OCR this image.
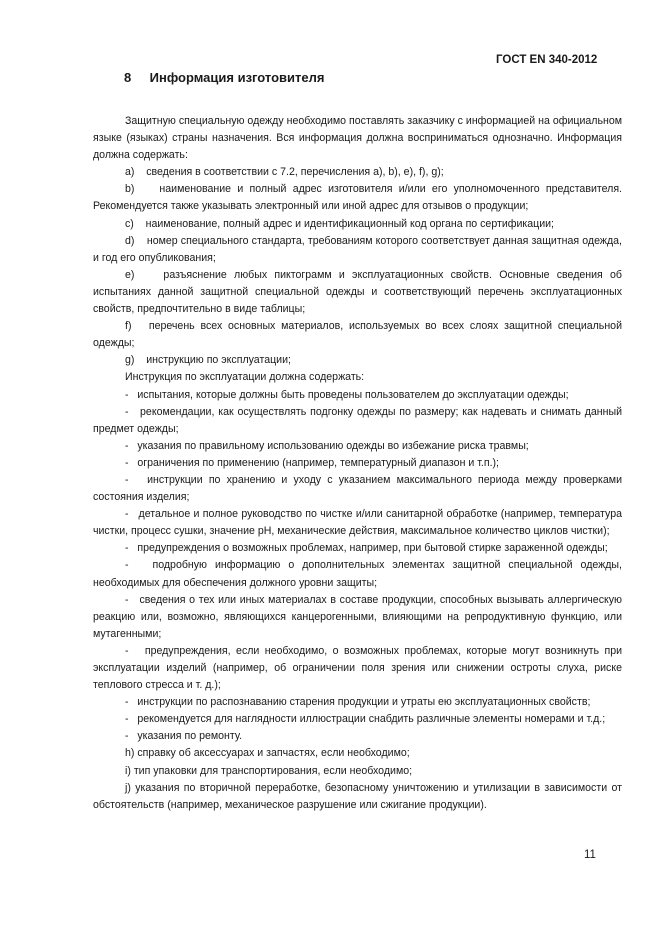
ГОСТ EN 340-2012
8 Информация изготовителя

Защитную специальную одежду необходимо поставлять заказчику с информацией на официальном языке (языках) страны назначения. Вся информация должна восприниматься однозначно. Информация должна содержать:

a)    сведения в соответствии с 7.2, перечисления a), b), e), f), g);

b)    наименование и полный адрес изготовителя и/или его уполномоченного представителя. Рекомендуется также указывать электронный или иной адрес для отзывов о продукции;

c)    наименование, полный адрес и идентификационный код органа по сертификации;

d)    номер специального стандарта, требованиям которого соответствует данная защитная одежда, и год его опубликования;

e)    разъяснение любых пиктограмм и эксплуатационных свойств. Основные сведения об испытаниях данной защитной специальной одежды и соответствующий перечень эксплуатационных свойств, предпочтительно в виде таблицы;

f)   перечень всех основных материалов, используемых во всех слоях защитной специальной одежды;

g)    инструкцию по эксплуатации;

Инструкция по эксплуатации должна содержать:

-   испытания, которые должны быть проведены пользователем до эксплуатации одежды;

-   рекомендации, как осуществлять подгонку одежды по размеру; как надевать и снимать данный предмет одежды;

-   указания по правильному использованию одежды во избежание риска травмы;

-   ограничения по применению (например, температурный диапазон и т.п.);

-   инструкции по хранению и уходу с указанием максимального периода между проверками состояния изделия;

-   детальное и полное руководство по чистке и/или санитарной обработке (например, температура чистки, процесс сушки, значение pH, механические действия, максимальное количество циклов чистки);

-   предупреждения о возможных проблемах, например, при бытовой стирке зараженной одежды;

-   подробную информацию о дополнительных элементах защитной специальной одежды, необходимых для обеспечения должного уровни защиты;

-   сведения о тех или иных материалах в составе продукции, способных вызывать аллергическую реакцию или, возможно, являющихся канцерогенными, влияющими на репродуктивную функцию, или мутагенными;

-   предупреждения, если необходимо, о возможных проблемах, которые могут возникнуть при эксплуатации изделий (например, об ограничении поля зрения или снижении остроты слуха, риске теплового стресса и т. д.);

-   инструкции по распознаванию старения продукции и утраты ею эксплуатационных свойств;

-   рекомендуется для наглядности иллюстрации снабдить различные элементы номерами и т.д.;

-   указания по ремонту.

h) справку об аксессуарах и запчастях, если необходимо;

i) тип упаковки для транспортирования, если необходимо;

j) указания по вторичной переработке, безопасному уничтожению и утилизации в зависимости от обстоятельств (например, механическое разрушение или сжигание продукции).

11
